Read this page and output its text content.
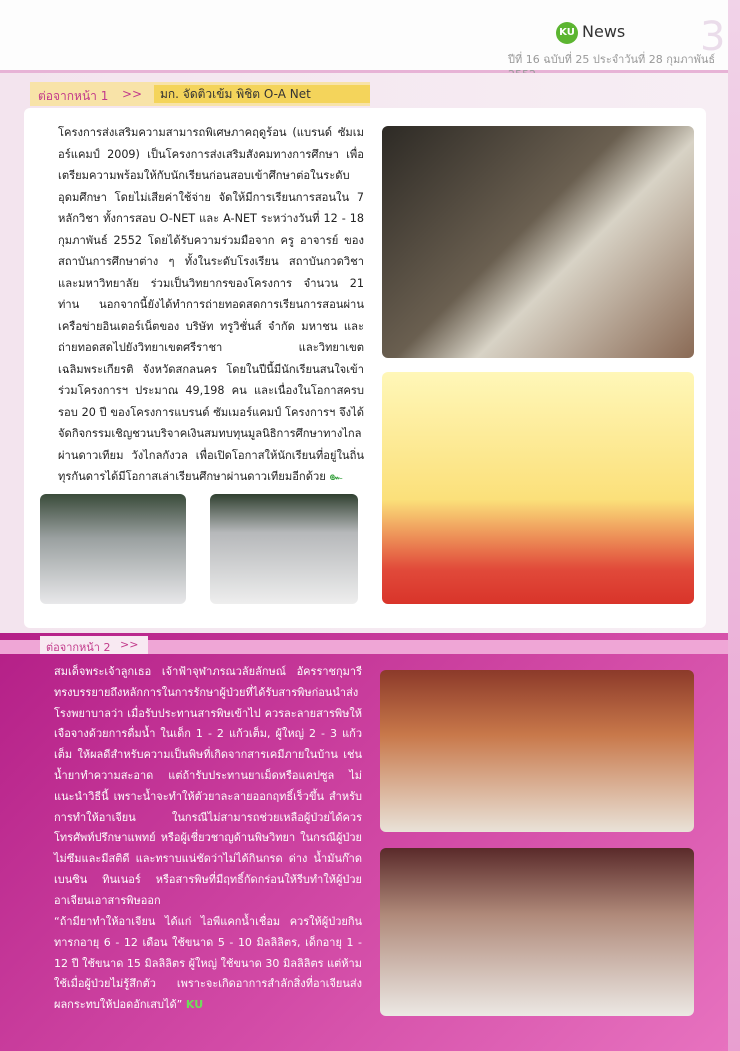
3
KU News
ปีที่ 16 ฉบับที่ 25 ประจำวันที่ 28 กุมภาพันธ์
ต่อจากหน้า 1 >>	มก. จัดติวเข้ม พิชิต O-A Net
โครงการส่งเสริมความสามารถพิเศษภาคฤดูร้อน (แบรนด์ ซัมเมอร์แคมป์ 2009) เป็นโครงการส่งเสริมสังคมทางการศึกษา เพื่อเตรียมความพร้อมให้กับนักเรียนก่อนสอบเข้าศึกษาต่อในระดับอุดมศึกษา โดยไม่เสียค่าใช้จ่าย จัดให้มีการเรียนการสอนใน 7 หลักวิชา ทั้งการสอบ O-NET และ A-NET ระหว่างวันที่ 12 - 18 กุมภาพันธ์ 2552 โดยได้รับความร่วมมือจาก ครู อาจารย์ ของสถาบันการศึกษาต่าง ๆ ทั้งในระดับโรงเรียน สถาบันกวดวิชา และมหาวิทยาลัย ร่วมเป็นวิทยากรของโครงการ จำนวน 21 ท่าน นอกจากนี้ยังได้ทำการถ่ายทอดสดการเรียนการสอนผ่านเครือข่ายอินเตอร์เน็ตของ บริษัท ทรูวิชั่นส์ จำกัด มหาชน และถ่ายทอดสดไปยังวิทยาเขตศรีราชา และวิทยาเขตเฉลิมพระเกียรติ จังหวัดสกลนคร โดยในปีนี้มีนักเรียนสนใจเข้าร่วมโครงการฯ ประมาณ 49,198 คน และเนื่องในโอกาสครบรอบ 20 ปี ของโครงการแบรนด์ ซัมเมอร์แคมป์ โครงการฯ จึงได้จัดกิจกรรมเชิญชวนบริจาคเงินสมทบทุนมูลนิธิการศึกษาทางไกลผ่านดาวเทียม วังไกลกังวล เพื่อเปิดโอกาสให้นักเรียนที่อยู่ในถิ่นทุรกันดารได้มีโอกาสเล่าเรียนศึกษาผ่านดาวเทียมอีกด้วย ๛
ต่อจากหน้า 2 >>
สมเด็จพระเจ้าลูกเธอ เจ้าฟ้าจุฬาภรณวลัยลักษณ์ อัครราชกุมารี ทรงบรรยายถึงหลักการในการรักษาผู้ป่วยที่ได้รับสารพิษก่อนนำส่งโรงพยาบาลว่า เมื่อรับประทานสารพิษเข้าไป ควรละลายสารพิษให้เจือจางด้วยการดื่มน้ำ ในเด็ก 1 - 2 แก้วเต็ม, ผู้ใหญ่ 2 - 3 แก้วเต็ม ให้ผลดีสำหรับความเป็นพิษที่เกิดจากสารเคมีภายในบ้าน เช่น น้ำยาทำความสะอาด แต่ถ้ารับประทานยาเม็ดหรือแคปซูล ไม่แนะนำวิธีนี้ เพราะน้ำจะทำให้ตัวยาละลายออกฤทธิ์เร็วขึ้น สำหรับการทำให้อาเจียน ในกรณีไม่สามารถช่วยเหลือผู้ป่วยได้ควรโทรศัพท์ปรึกษาแพทย์ หรือผู้เชี่ยวชาญด้านพิษวิทยา ในกรณีผู้ป่วยไม่ซึมและมีสติดี และทราบแน่ชัดว่าไม่ได้กินกรด ด่าง น้ำมันก๊าด เบนซิน ทินเนอร์ หรือสารพิษที่มีฤทธิ์กัดกร่อนให้รีบทำให้ผู้ป่วยอาเจียนเอาสารพิษออก
“ถ้ามียาทำให้อาเจียน ได้แก่ ไอพีแคกน้ำเชื่อม ควรให้ผู้ป่วยกิน ทารกอายุ 6 - 12 เดือน ใช้ขนาด 5 - 10 มิลลิลิตร, เด็กอายุ 1 - 12 ปี ใช้ขนาด 15 มิลลิลิตร ผู้ใหญ่ ใช้ขนาด 30 มิลลิลิตร แต่ห้ามใช้เมื่อผู้ป่วยไม่รู้สึกตัว เพราะจะเกิดอาการสำลักสิ่งที่อาเจียนส่งผลกระทบให้ปอดอักเสบได้” KU
